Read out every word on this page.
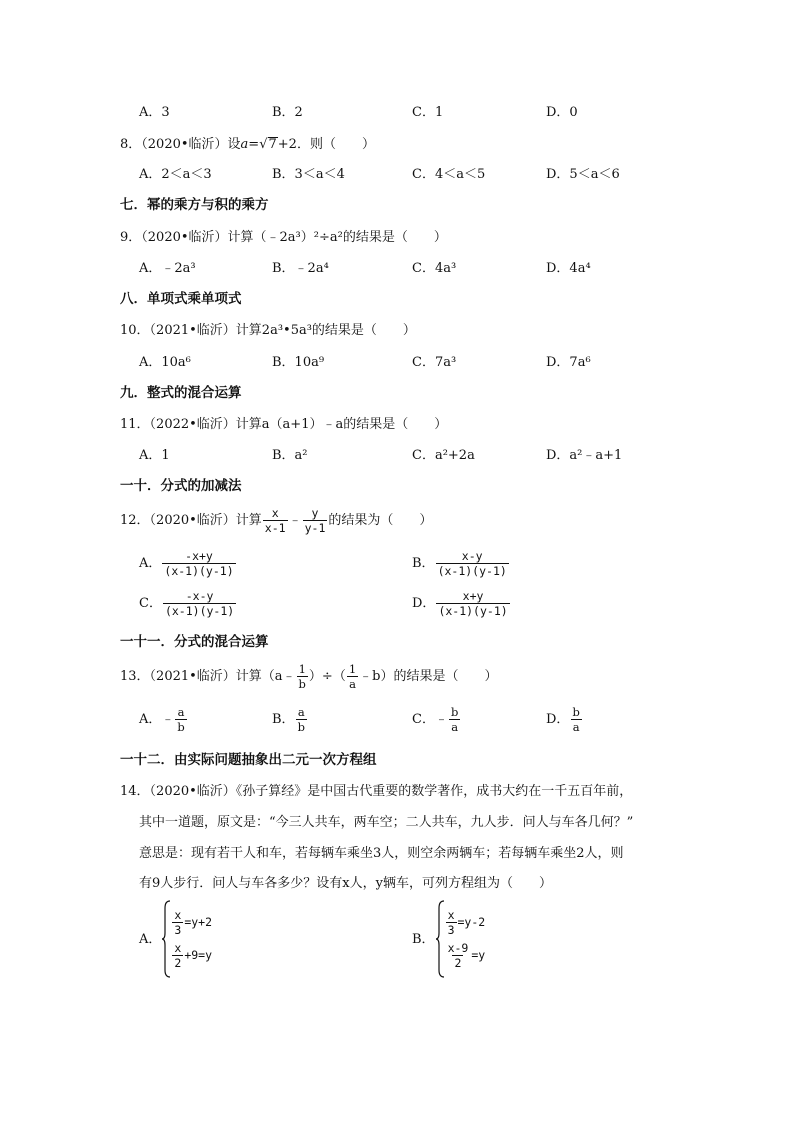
A．3	B．2	C．1	D．0
8．（2020•临沂）设a=√7+2．则（　　）
A．2＜a＜3	B．3＜a＜4	C．4＜a＜5	D．5＜a＜6
七．幂的乘方与积的乘方
9．（2020•临沂）计算（﹣2a³）²÷a²的结果是（　　）
A．﹣2a³	B．﹣2a⁴	C．4a³	D．4a⁴
八．单项式乘单项式
10．（2021•临沂）计算2a³•5a³的结果是（　　）
A．10a⁶	B．10a⁹	C．7a³	D．7a⁶
九．整式的混合运算
11．（2022•临沂）计算a（a+1）﹣a的结果是（　　）
A．1	B．a²	C．a²+2a	D．a²﹣a+1
一十．分式的加减法
12．（2020•临沂）计算 $\frac{x}{x-1}$ ﹣ $\frac{y}{y-1}$ 的结果为（　　）
A． $\frac{-x+y}{(x-1)(y-1)}$	B． $\frac{x-y}{(x-1)(y-1)}$
C． $\frac{-x-y}{(x-1)(y-1)}$	D． $\frac{x+y}{(x-1)(y-1)}$
一十一．分式的混合运算
13．（2021•临沂）计算（a﹣ $\frac{1}{b}$ ）÷（ $\frac{1}{a}$ ﹣b）的结果是（　　）
A．﹣ $\frac{a}{b}$	B． $\frac{a}{b}$	C．﹣ $\frac{b}{a}$	D． $\frac{b}{a}$
一十二．由实际问题抽象出二元一次方程组
14．（2020•临沂）《孙子算经》是中国古代重要的数学著作，成书大约在一千五百年前，
其中一道题，原文是：“今三人共车，两车空；二人共车，九人步．问人与车各几何？”
意思是：现有若干人和车，若每辆车乘坐3人，则空余两辆车；若每辆车乘坐2人，则
有9人步行．问人与车各多少？设有x人，y辆车，可列方程组为（　　）
A．
$\frac{x}{3} =y+2$
$\frac{x}{2} +9=y$
B．
$\frac{x}{3} =y-2$
$\frac{x-9}{2} =y$
